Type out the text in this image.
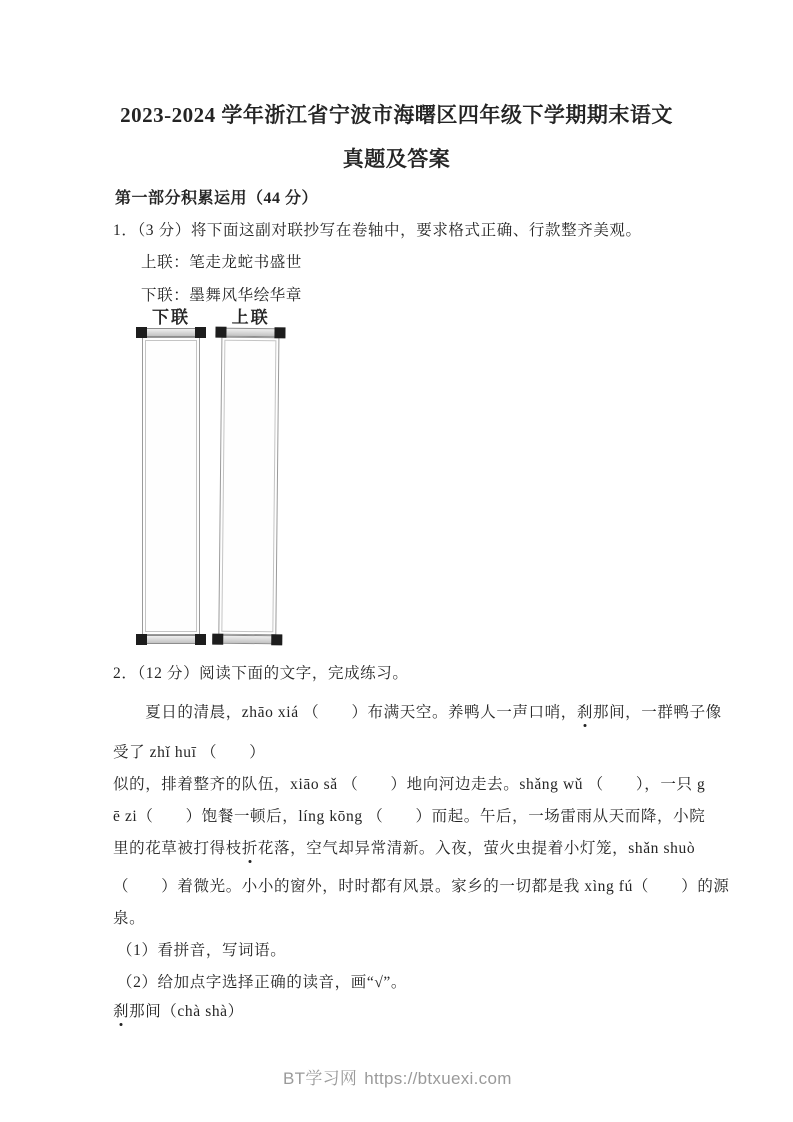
2023-2024 学年浙江省宁波市海曙区四年级下学期期末语文
真题及答案
第一部分积累运用（44 分）
1．（3 分）将下面这副对联抄写在卷轴中，要求格式正确、行款整齐美观。
上联：笔走龙蛇书盛世
下联：墨舞风华绘华章
下联	上联
2．（12 分）阅读下面的文字，完成练习。
　　夏日的清晨，zhāo xiá （　　）布满天空。养鸭人一声口哨，刹那间，一群鸭子像
受了 zhǐ huī （　　）
似的，排着整齐的队伍，xiāo sǎ （　　）地向河边走去。shǎng wǔ （　　），一只 g
ē zi（　　）饱餐一顿后，líng kōng （　　）而起。午后，一场雷雨从天而降，小院
里的花草被打得枝折花落，空气却异常清新。入夜，萤火虫提着小灯笼，shǎn shuò
（　　）着微光。小小的窗外，时时都有风景。家乡的一切都是我 xìng fú（　　）的源
泉。
（1）看拼音，写词语。
（2）给加点字选择正确的读音，画“√”。
刹那间（chà shà）
BT学习网 https://btxuexi.com
